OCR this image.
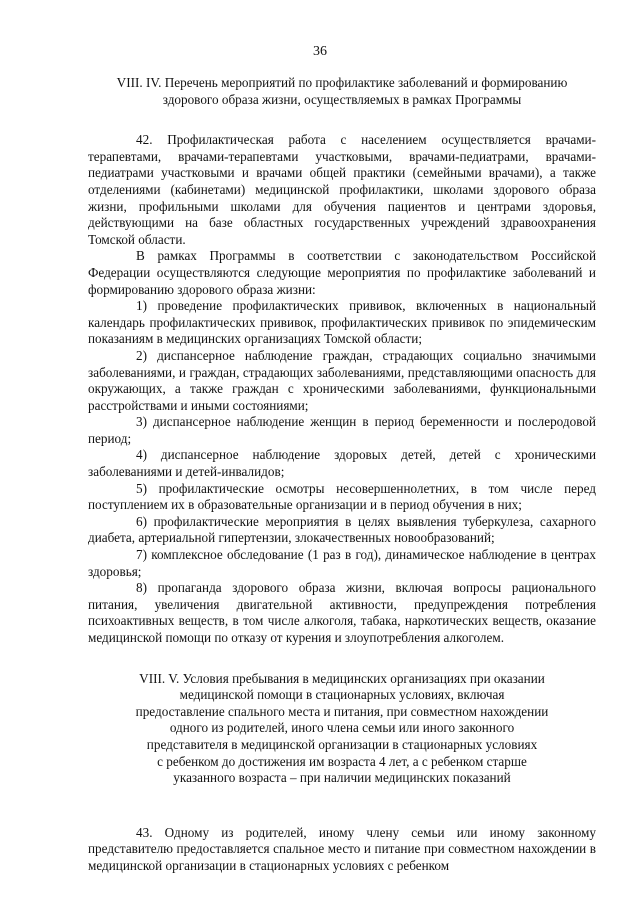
36
VIII. IV. Перечень мероприятий по профилактике заболеваний и формированию
здорового образа жизни, осуществляемых в рамках Программы

42. Профилактическая работа с населением осуществляется врачами-терапевтами, врачами-терапевтами участковыми, врачами-педиатрами, врачами-педиатрами участковыми и врачами общей практики (семейными врачами), а также отделениями (кабинетами) медицинской профилактики, школами здорового образа жизни, профильными школами для обучения пациентов и центрами здоровья, действующими на базе областных государственных учреждений здравоохранения Томской области.

В рамках Программы в соответствии с законодательством Российской Федерации осуществляются следующие мероприятия по профилактике заболеваний и формированию здорового образа жизни:

1) проведение профилактических прививок, включенных в национальный календарь профилактических прививок, профилактических прививок по эпидемическим показаниям в медицинских организациях Томской области;

2) диспансерное наблюдение граждан, страдающих социально значимыми заболеваниями, и граждан, страдающих заболеваниями, представляющими опасность для окружающих, а также граждан с хроническими заболеваниями, функциональными расстройствами и иными состояниями;

3) диспансерное наблюдение женщин в период беременности и послеродовой период;

4) диспансерное наблюдение здоровых детей, детей с хроническими заболеваниями и детей-инвалидов;

5) профилактические осмотры несовершеннолетних, в том числе перед поступлением их в образовательные организации и в период обучения в них;

6) профилактические мероприятия в целях выявления туберкулеза, сахарного диабета, артериальной гипертензии, злокачественных новообразований;

7) комплексное обследование (1 раз в год), динамическое наблюдение в центрах здоровья;

8) пропаганда здорового образа жизни, включая вопросы рационального питания, увеличения двигательной активности, предупреждения потребления психоактивных веществ, в том числе алкоголя, табака, наркотических веществ, оказание медицинской помощи по отказу от курения и злоупотребления алкоголем.

VIII. V. Условия пребывания в медицинских организациях при оказании
медицинской помощи в стационарных условиях, включая
предоставление спального места и питания, при совместном нахождении
одного из родителей, иного члена семьи или иного законного
представителя в медицинской организации в стационарных условиях
с ребенком до достижения им возраста 4 лет, а с ребенком старше
указанного возраста – при наличии медицинских показаний

43. Одному из родителей, иному члену семьи или иному законному представителю предоставляется спальное место и питание при совместном нахождении в медицинской организации в стационарных условиях с ребенком
